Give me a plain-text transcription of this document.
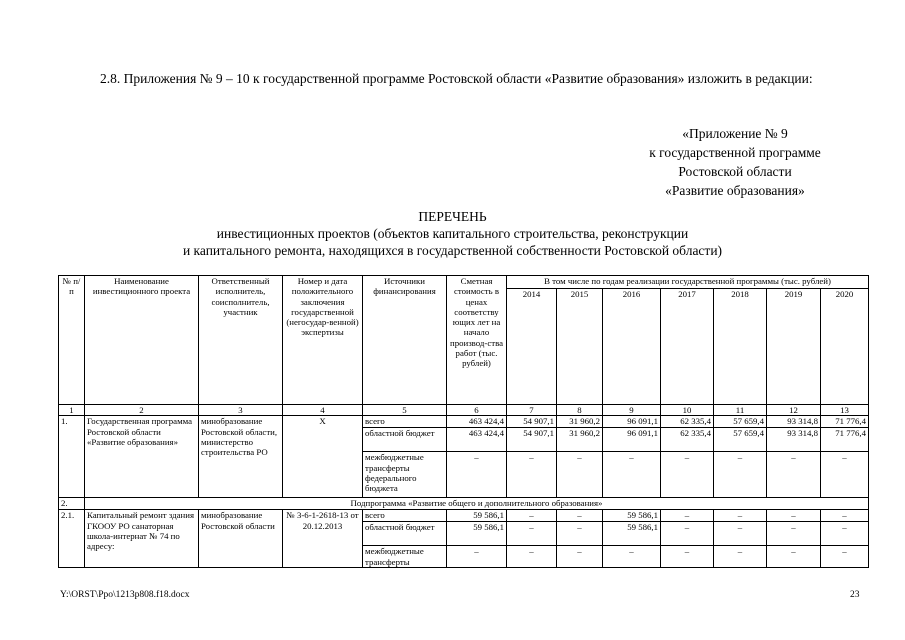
2.8. Приложения № 9 – 10 к государственной программе Ростовской области «Развитие образования» изложить в редакции:
«Приложение № 9
к государственной программе
Ростовской области
«Развитие образования»
ПЕРЕЧЕНЬ
инвестиционных проектов (объектов капитального строительства, реконструкции
и капитального ремонта, находящихся в государственной собственности Ростовской области)
№ п/п	Наименование инвестиционного проекта	Ответственный исполнитель, соисполнитель, участник	Номер и дата положительного заключения государственной (негосудар-венной) экспертизы	Источники финансирования	Сметная стоимость в ценах соответству ющих лет на начало производ-ства работ (тыс. рублей)	В том числе по годам реализации государственной программы (тыс. рублей)						
						2014	2015	2016	2017	2018	2019	2020
1	2	3	4	5	6	7	8	9	10	11	12	13
1.	Государственная программа Ростовской области «Развитие образования»	минобразование Ростовской области, министерство строительства РО	Х	всего	463 424,4	54 907,1	31 960,2	96 091,1	62 335,4	57 659,4	93 314,8	71 776,4
				областной бюджет	463 424,4	54 907,1	31 960,2	96 091,1	62 335,4	57 659,4	93 314,8	71 776,4
				межбюджетные трансферты федерального бюджета	–	–	–	–	–	–	–	–
2.	Подпрограмма «Развитие общего и дополнительного образования»											
2.1.	Капитальный ремонт здания ГКООУ РО санаторная школа-интернат № 74 по адресу:	минобразование Ростовской области	№ 3-6-1-2618-13 от 20.12.2013	всего	59 586,1	–	–	59 586,1	–	–	–	–
				областной бюджет	59 586,1	–	–	59 586,1	–	–	–	–
				межбюджетные трансферты	–	–	–	–	–	–	–	–
Y:\ORST\Ppo\1213p808.f18.docx	23
